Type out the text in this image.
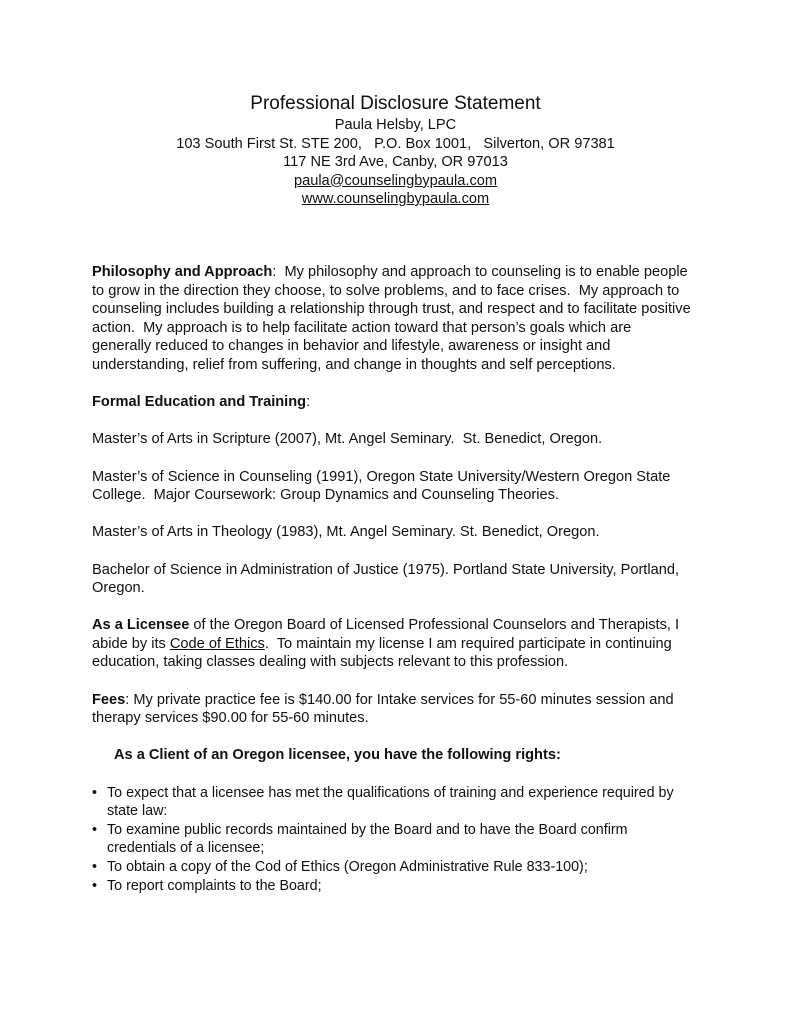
Professional Disclosure Statement

Paula Helsby, LPC

103 South First St. STE 200,   P.O. Box 1001,   Silverton, OR 97381

117 NE 3rd Ave, Canby, OR 97013

paula@counselingbypaula.com

www.counselingbypaula.com

Philosophy and Approach:  My philosophy and approach to counseling is to enable people to grow in the direction they choose, to solve problems, and to face crises.  My approach to counseling includes building a relationship through trust, and respect and to facilitate positive action.  My approach is to help facilitate action toward that person’s goals which are generally reduced to changes in behavior and lifestyle, awareness or insight and understanding, relief from suffering, and change in thoughts and self perceptions.

Formal Education and Training:

Master’s of Arts in Scripture (2007), Mt. Angel Seminary.  St. Benedict, Oregon.

Master’s of Science in Counseling (1991), Oregon State University/Western Oregon State College.  Major Coursework: Group Dynamics and Counseling Theories.

Master’s of Arts in Theology (1983), Mt. Angel Seminary. St. Benedict, Oregon.

Bachelor of Science in Administration of Justice (1975). Portland State University, Portland, Oregon.

As a Licensee of the Oregon Board of Licensed Professional Counselors and Therapists, I abide by its Code of Ethics.  To maintain my license I am required participate in continuing education, taking classes dealing with subjects relevant to this profession.

Fees: My private practice fee is $140.00 for Intake services for 55-60 minutes session and therapy services $90.00 for 55-60 minutes.

As a Client of an Oregon licensee, you have the following rights:

• To expect that a licensee has met the qualifications of training and experience required by state law:
• To examine public records maintained by the Board and to have the Board confirm credentials of a licensee;
• To obtain a copy of the Cod of Ethics (Oregon Administrative Rule 833-100);
• To report complaints to the Board;
